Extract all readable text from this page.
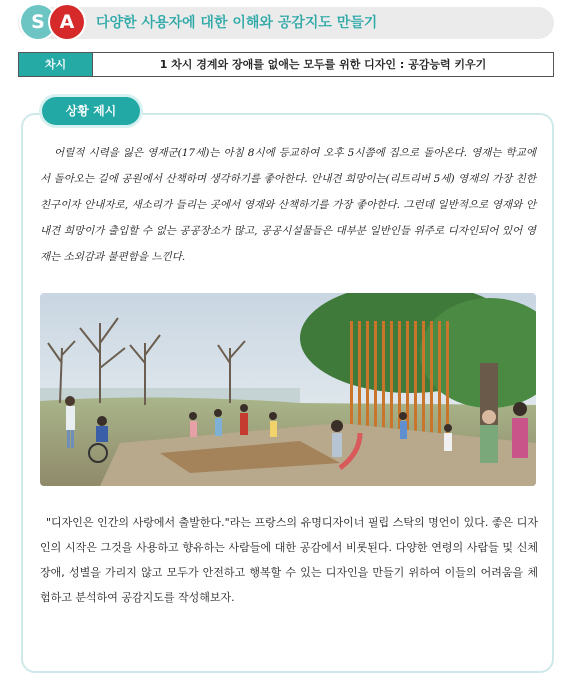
S A	다양한 사용자에 대한 이해와 공감지도 만들기
차시	1 차시 경계와 장애를 없애는 모두를 위한 디자인 : 공감능력 키우기
상황 제시

어릴적 시력을 잃은 영재군(17세)는 아침 8시에 등교하여 오후 5시쯤에 집으로 돌아온다. 영재는 학교에서 돌아오는 길에 공원에서 산책하며 생각하기를 좋아한다. 안내견 희망이는(리트리버 5세) 영재의 가장 친한 친구이자 안내자로, 새소리가 들리는 곳에서 영재와 산책하기를 가장 좋아한다. 그런데 일반적으로 영재와 안내견 희망이가 출입할 수 없는 공공장소가 많고, 공공시설물들은 대부분 일반인들 위주로 디자인되어 있어 영재는 소외감과 불편함을 느낀다.

"디자인은 인간의 사랑에서 출발한다."라는 프랑스의 유명디자이너 필립 스탁의 명언이 있다. 좋은 디자인의 시작은 그것을 사용하고 향유하는 사람들에 대한 공감에서 비롯된다. 다양한 연령의 사람들 및 신체장애, 성별을 가리지 않고 모두가 안전하고 행복할 수 있는 디자인을 만들기 위하여 이들의 어려움을 체험하고 분석하여 공감지도를 작성해보자.
